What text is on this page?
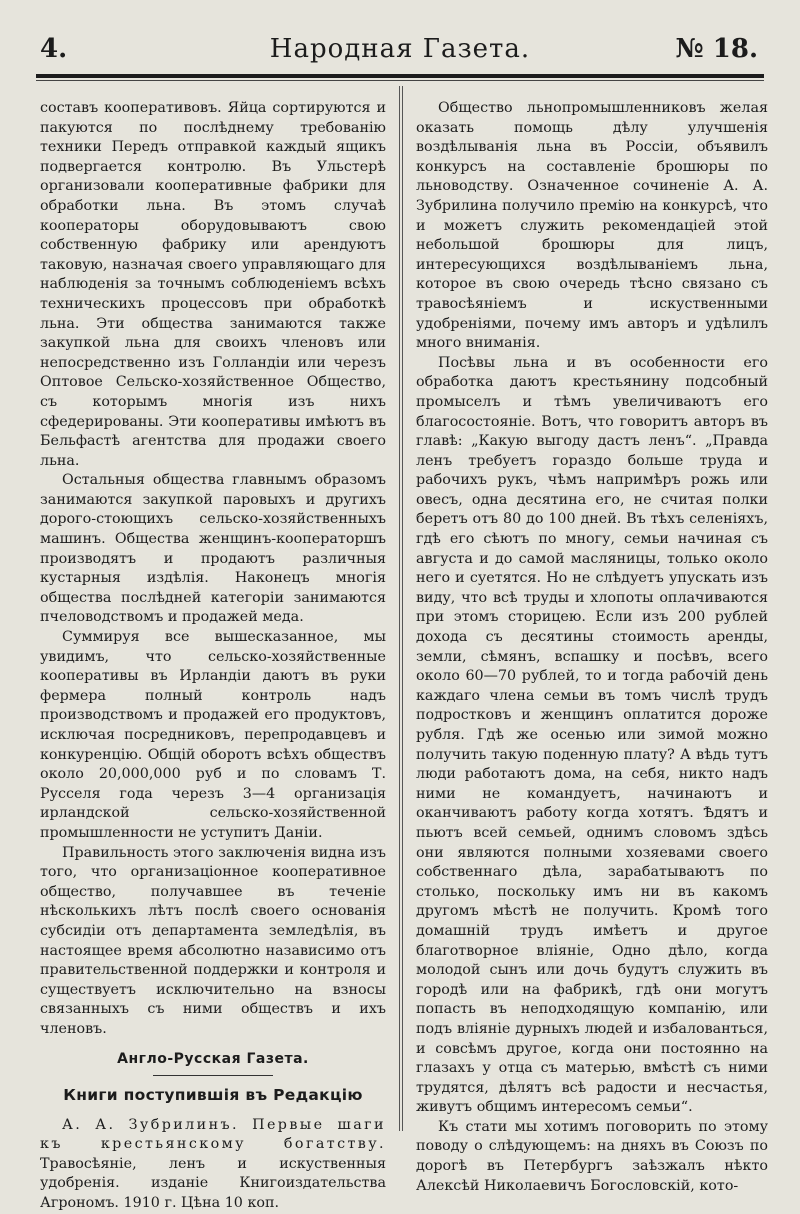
4.	Народная Газета.	№ 18.

составъ кооперативовъ. Яйца сортируются и пакуются по послѣднему требованію техники Передъ отправкой каждый ящикъ подвергается контролю. Въ Ульстерѣ организовали кооперативные фабрики для обработки льна. Въ этомъ случаѣ кооператоры оборудовываютъ свою собственную фабрику или арендуютъ таковую, назначая своего управляющаго для наблюденія за точнымъ соблюденіемъ всѣхъ техническихъ процессовъ при обработкѣ льна. Эти общества занимаются также закупкой льна для своихъ членовъ или непосредственно изъ Голландіи или черезъ Оптовое Сельско-хозяйственное Общество, съ которымъ многія изъ нихъ сфедерированы. Эти кооперативы имѣютъ въ Бельфастѣ агентства для продажи своего льна.

Остальныя общества главнымъ образомъ занимаются закупкой паровыхъ и другихъ дорого-стоющихъ сельско-хозяйственныхъ машинъ. Общества женщинъ-кооператоршъ производятъ и продаютъ различныя кустарныя издѣлія. Наконецъ многія общества послѣдней категоріи занимаются пчеловодствомъ и продажей меда.

Суммируя все вышесказанное, мы увидимъ, что сельско-хозяйственные кооперативы въ Ирландіи даютъ въ руки фермера полный контроль надъ производствомъ и продажей его продуктовъ, исключая посредниковъ, перепродавцевъ и конкуренцію. Общій оборотъ всѣхъ обществъ около 20,000,000 руб и по словамъ Т. Русселя года черезъ 3—4 организація ирландской сельско-хозяйственной промышленности не уступитъ Даніи.

Правильность этого заключенія видна изъ того, что организаціонное кооперативное общество, получавшее въ теченіе нѣсколькихъ лѣтъ послѣ своего основанія субсидіи отъ департамента земледѣлія, въ настоящее время абсолютно назависимо отъ правительственной поддержки и контроля и существуетъ исключительно на взносы связанныхъ съ ними обществъ и ихъ членовъ.

Англо-Русская Газета.
Книги поступившія въ Редакцію

А. А. Зубрилинъ. Первые шаги къ крестьянскому богатству. Травосѣяніе, ленъ и искуственныя удобренія. изданіе Книгоиздательства Агрономъ. 1910 г. Цѣна 10 коп.

Общество льнопромышленниковъ желая оказать помощь дѣлу улучшенія воздѣлыванія льна въ Россіи, объявилъ конкурсъ на составленіе брошюры по льноводству. Означенное сочиненіе А. А. Зубрилина получило премію на конкурсѣ, что и можетъ служить рекомендаціей этой небольшой брошюры для лицъ, интересующихся воздѣлываніемъ льна, которое въ свою очередь тѣсно связано съ травосѣяніемъ и искуственными удобреніями, почему имъ авторъ и удѣлилъ много вниманія.

Посѣвы льна и въ особенности его обработка даютъ крестьянину подсобный промыселъ и тѣмъ увеличиваютъ его благосостояніе. Вотъ, что говоритъ авторъ въ главѣ: „Какую выгоду дастъ ленъ“. „Правда ленъ требуетъ гораздо больше труда и рабочихъ рукъ, чѣмъ напримѣръ рожь или овесъ, одна десятина его, не считая полки беретъ отъ 80 до 100 дней. Въ тѣхъ селеніяхъ, гдѣ его сѣютъ по многу, семьи начиная съ августа и до самой масляницы, только около него и суетятся. Но не слѣдуетъ упускать изъ виду, что всѣ труды и хлопоты оплачиваются при этомъ сторицею. Если изъ 200 рублей дохода съ десятины стоимость аренды, земли, сѣмянъ, вспашку и посѣвъ, всего около 60—70 рублей, то и тогда рабочій день каждаго члена семьи въ томъ числѣ трудъ подростковъ и женщинъ оплатится дороже рубля. Гдѣ же осенью или зимой можно получить такую поденную плату? А вѣдь тутъ люди работаютъ дома, на себя, никто надъ ними не командуетъ, начинаютъ и оканчиваютъ работу когда хотятъ. Ѣдятъ и пьютъ всей семьей, однимъ словомъ здѣсь они являются полными хозяевами своего собственнаго дѣла, зарабатываютъ по столько, поскольку имъ ни въ какомъ другомъ мѣстѣ не получить. Кромѣ того домашній трудъ имѣетъ и другое благотворное вліяніе, Одно дѣло, когда молодой сынъ или дочь будутъ служить въ городѣ или на фабрикѣ, гдѣ они могутъ попасть въ неподходящую компанію, или подъ вліяніе дурныхъ людей и избалованться, и совсѣмъ другое, когда они постоянно на глазахъ у отца съ матерью, вмѣстѣ съ ними трудятся, дѣлятъ всѣ радости и несчастья, живутъ общимъ интересомъ семьи“.

Къ стати мы хотимъ поговорить по этому поводу о слѣдующемъ: на дняхъ въ Союзъ по дорогѣ въ Петербургъ заѣзжалъ нѣкто Алексѣй Николаевичъ Богословскій, кото-
